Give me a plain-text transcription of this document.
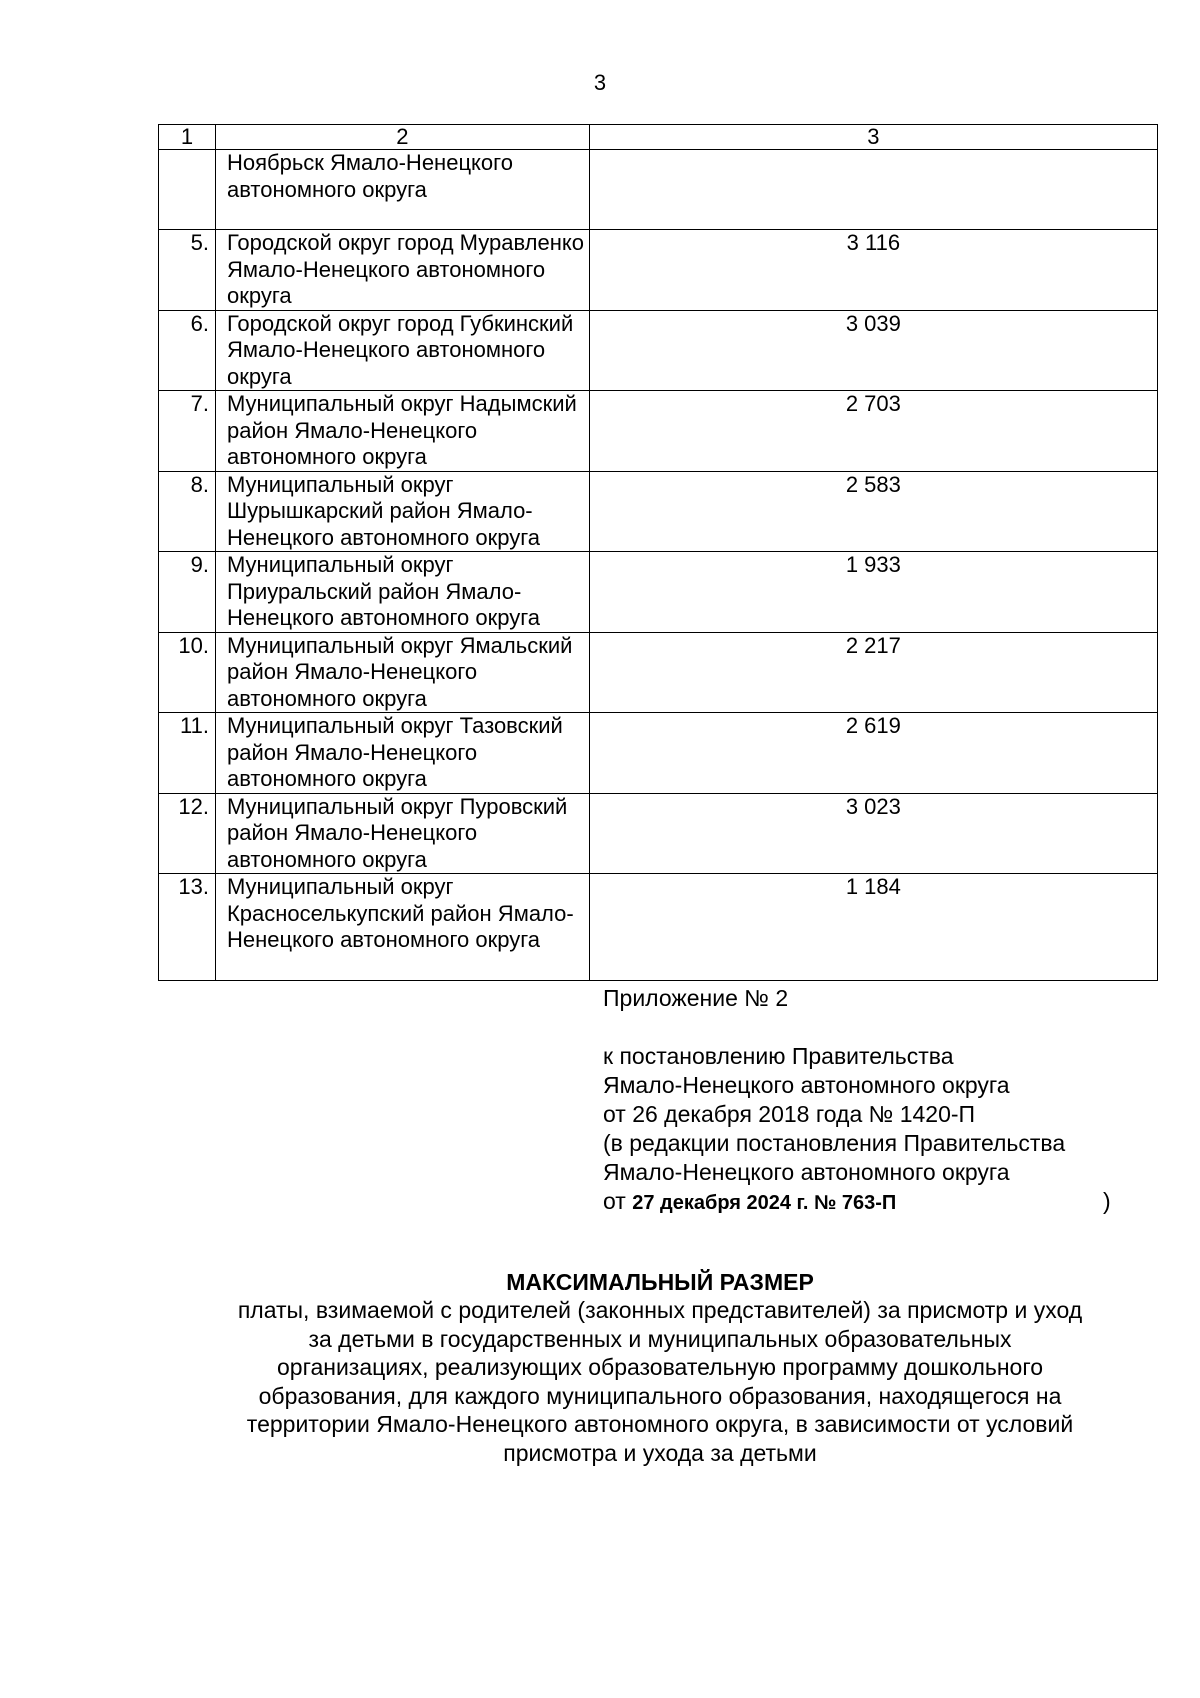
3
1	2	3
	Ноябрьск Ямало-Ненецкого автономного округа	
5.	Городской округ город Муравленко Ямало-Ненецкого автономного округа	3 116
6.	Городской округ город Губкинский Ямало-Ненецкого автономного округа	3 039
7.	Муниципальный округ Надымский район Ямало-Ненецкого автономного округа	2 703
8.	Муниципальный округ Шурышкарский район Ямало-Ненецкого автономного округа	2 583
9.	Муниципальный округ Приуральский район Ямало-Ненецкого автономного округа	1 933
10.	Муниципальный округ Ямальский район Ямало-Ненецкого автономного округа	2 217
11.	Муниципальный округ Тазовский район Ямало-Ненецкого автономного округа	2 619
12.	Муниципальный округ Пуровский район Ямало-Ненецкого автономного округа	3 023
13.	Муниципальный округ Красноселькупский район Ямало-Ненецкого автономного округа	1 184
Приложение № 2
к постановлению Правительства
Ямало-Ненецкого автономного округа
от 26 декабря 2018 года № 1420-П
(в редакции постановления Правительства
Ямало-Ненецкого автономного округа
от 27 декабря 2024 г. № 763-П	)
МАКСИМАЛЬНЫЙ РАЗМЕР
платы, взимаемой с родителей (законных представителей) за присмотр и уход
за детьми в государственных и муниципальных образовательных
организациях, реализующих образовательную программу дошкольного
образования, для каждого муниципального образования, находящегося на
территории Ямало-Ненецкого автономного округа, в зависимости от условий
присмотра и ухода за детьми
